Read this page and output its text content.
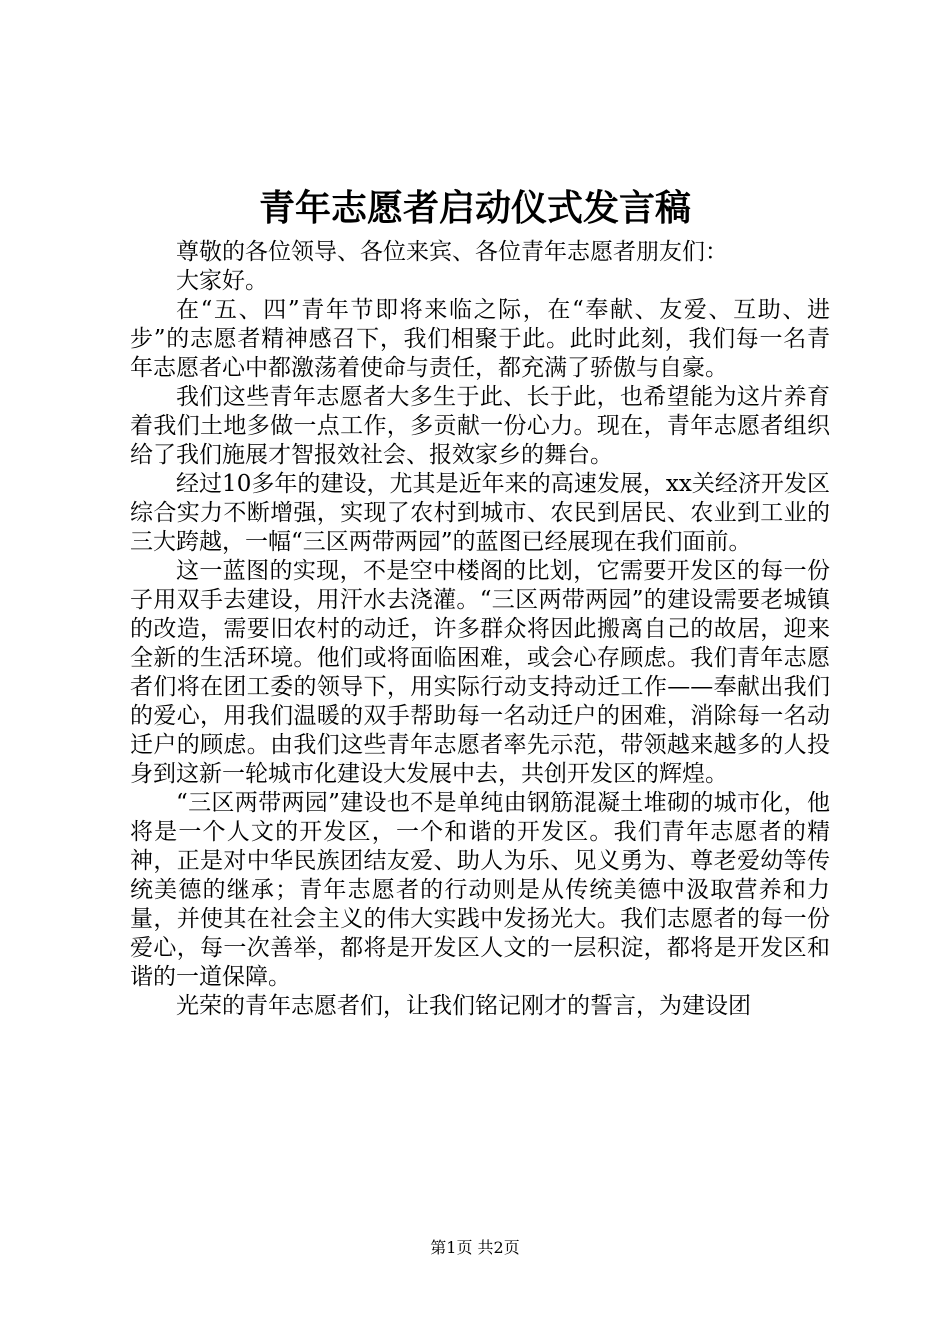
青年志愿者启动仪式发言稿

尊敬的各位领导、各位来宾、各位青年志愿者朋友们：

大家好。

在“五、四”青年节即将来临之际，在“奉献、友爱、互助、进步”的志愿者精神感召下，我们相聚于此。此时此刻，我们每一名青年志愿者心中都激荡着使命与责任，都充满了骄傲与自豪。

我们这些青年志愿者大多生于此、长于此，也希望能为这片养育着我们土地多做一点工作，多贡献一份心力。现在，青年志愿者组织给了我们施展才智报效社会、报效家乡的舞台。

经过10多年的建设，尤其是近年来的高速发展，xx关经济开发区综合实力不断增强，实现了农村到城市、农民到居民、农业到工业的三大跨越，一幅“三区两带两园”的蓝图已经展现在我们面前。

这一蓝图的实现，不是空中楼阁的比划，它需要开发区的每一份子用双手去建设，用汗水去浇灌。“三区两带两园”的建设需要老城镇的改造，需要旧农村的动迁，许多群众将因此搬离自己的故居，迎来全新的生活环境。他们或将面临困难，或会心存顾虑。我们青年志愿者们将在团工委的领导下，用实际行动支持动迁工作——奉献出我们的爱心，用我们温暖的双手帮助每一名动迁户的困难，消除每一名动迁户的顾虑。由我们这些青年志愿者率先示范，带领越来越多的人投身到这新一轮城市化建设大发展中去，共创开发区的辉煌。

“三区两带两园”建设也不是单纯由钢筋混凝土堆砌的城市化，他将是一个人文的开发区，一个和谐的开发区。我们青年志愿者的精神，正是对中华民族团结友爱、助人为乐、见义勇为、尊老爱幼等传统美德的继承；青年志愿者的行动则是从传统美德中汲取营养和力量，并使其在社会主义的伟大实践中发扬光大。我们志愿者的每一份爱心，每一次善举，都将是开发区人文的一层积淀，都将是开发区和谐的一道保障。

光荣的青年志愿者们，让我们铭记刚才的誓言，为建设团

第1页 共2页
